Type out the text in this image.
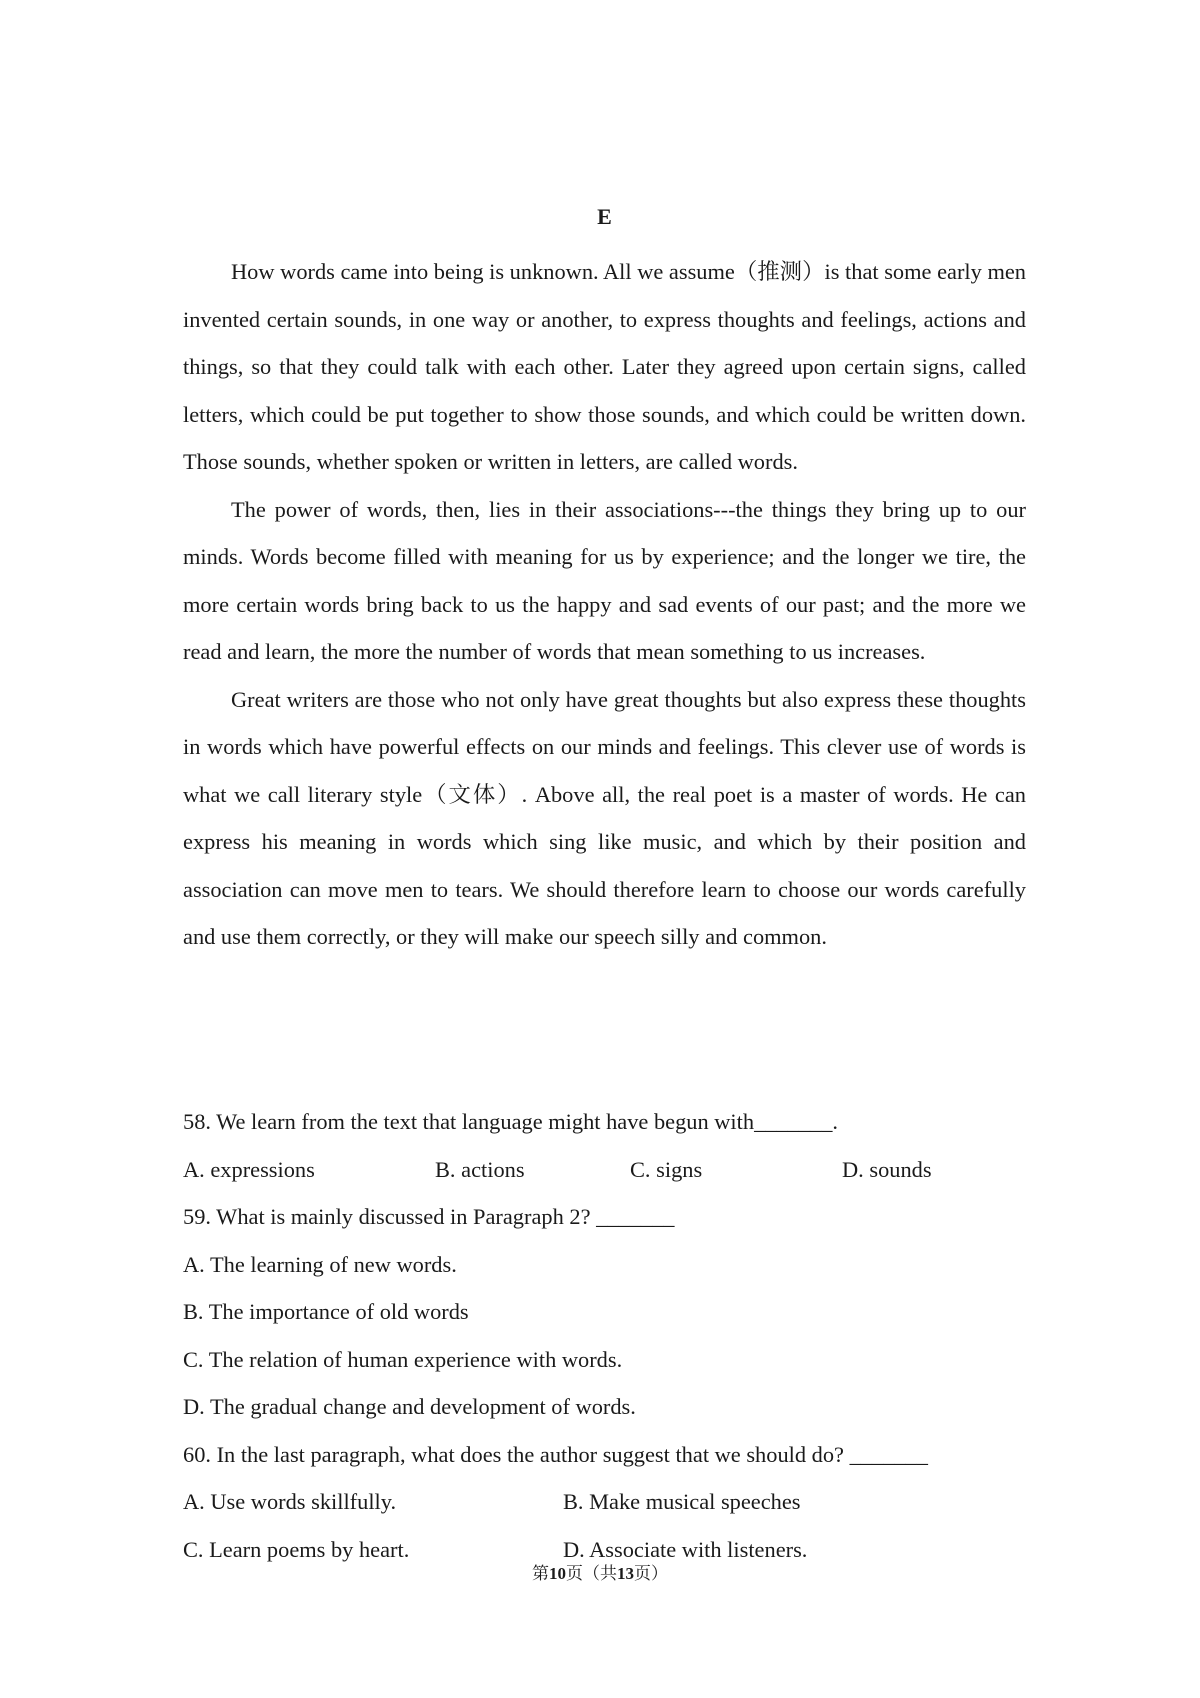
E

How words came into being is unknown. All we assume（推测）is that some early men invented certain sounds, in one way or another, to express thoughts and feelings, actions and things, so that they could talk with each other. Later they agreed upon certain signs, called letters, which could be put together to show those sounds, and which could be written down. Those sounds, whether spoken or written in letters, are called words.

The power of words, then, lies in their associations---the things they bring up to our minds. Words become filled with meaning for us by experience; and the longer we tire, the more certain words bring back to us the happy and sad events of our past; and the more we read and learn, the more the number of words that mean something to us increases.

Great writers are those who not only have great thoughts but also express these thoughts in words which have powerful effects on our minds and feelings. This clever use of words is what we call literary style（文体）. Above all, the real poet is a master of words. He can express his meaning in words which sing like music, and which by their position and association can move men to tears. We should therefore learn to choose our words carefully and use them correctly, or they will make our speech silly and common.

58. We learn from the text that language might have begun with_______.

A. expressions	B. actions	C. signs	D. sounds

59. What is mainly discussed in Paragraph 2? _______

A. The learning of new words.

B. The importance of old words

C. The relation of human experience with words.

D. The gradual change and development of words.

60. In the last paragraph, what does the author suggest that we should do? _______

A. Use words skillfully.	B. Make musical speeches
C. Learn poems by heart.	D. Associate with listeners.
第10页（共13页）
